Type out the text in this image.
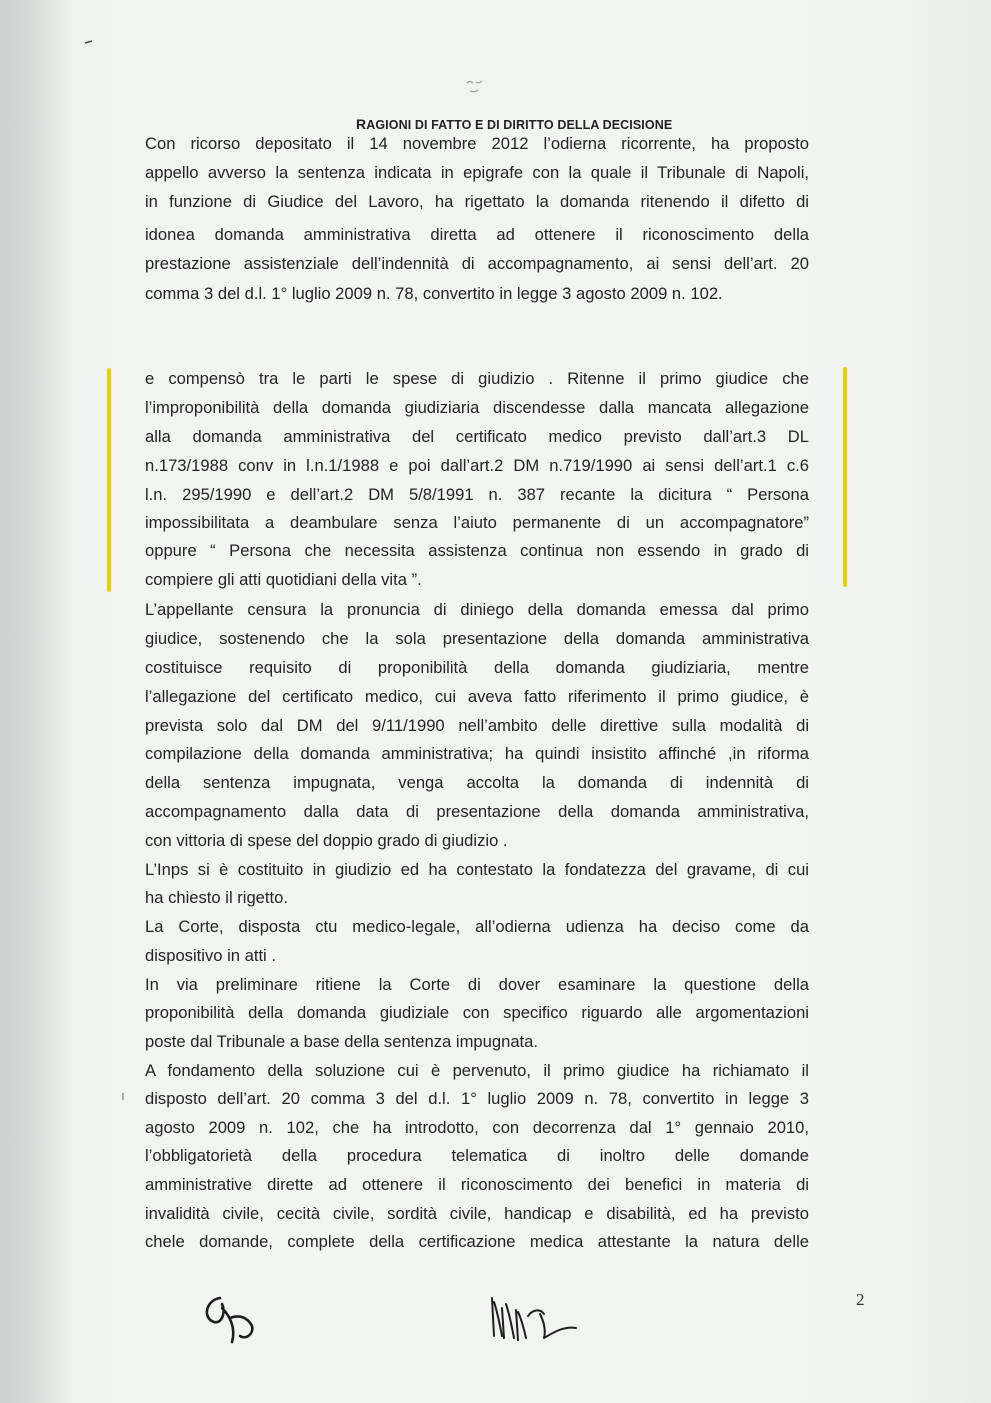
RAGIONI DI FATTO E DI DIRITTO DELLA DECISIONE
Con ricorso depositato il 14 novembre 2012 l’odierna ricorrente, ha proposto
appello avverso la sentenza indicata in epigrafe con la quale il Tribunale di Napoli,
in funzione di Giudice del Lavoro, ha rigettato la domanda ritenendo il difetto di
idonea domanda amministrativa diretta ad ottenere il riconoscimento della
prestazione assistenziale dell’indennità di accompagnamento, ai sensi dell’art. 20
comma 3 del d.l. 1° luglio 2009 n. 78, convertito in legge 3 agosto 2009 n. 102.
e compensò tra le parti le spese di giudizio . Ritenne il primo giudice che
l’improponibilità della domanda giudiziaria discendesse dalla mancata allegazione
alla domanda amministrativa del certificato medico previsto dall’art.3 DL
n.173/1988 conv in l.n.1/1988 e poi dall’art.2 DM n.719/1990 ai sensi dell’art.1 c.6
l.n. 295/1990 e dell’art.2 DM 5/8/1991 n. 387 recante la dicitura “ Persona
impossibilitata a deambulare senza l’aiuto permanente di un accompagnatore”
oppure “ Persona che necessita assistenza continua non essendo in grado di
compiere gli atti quotidiani della vita ”.
L’appellante censura la pronuncia di diniego della domanda emessa dal primo
giudice, sostenendo che la sola presentazione della domanda amministrativa
costituisce requisito di proponibilità della domanda giudiziaria, mentre
l’allegazione del certificato medico, cui aveva fatto riferimento il primo giudice, è
prevista solo dal DM del 9/11/1990 nell’ambito delle direttive sulla modalità di
compilazione della domanda amministrativa; ha quindi insistito affinché ,in riforma
della sentenza impugnata, venga accolta la domanda di indennità di
accompagnamento dalla data di presentazione della domanda amministrativa,
con vittoria di spese del doppio grado di giudizio .
L’Inps si è costituito in giudizio ed ha contestato la fondatezza del gravame, di cui
ha chiesto il rigetto.
La Corte, disposta ctu medico-legale, all’odierna udienza ha deciso come da
dispositivo in atti .
In via preliminare ritiene la Corte di dover esaminare la questione della
proponibilità della domanda giudiziale con specifico riguardo alle argomentazioni
poste dal Tribunale a base della sentenza impugnata.
A fondamento della soluzione cui è pervenuto, il primo giudice ha richiamato il
disposto dell’art. 20 comma 3 del d.l. 1° luglio 2009 n. 78, convertito in legge 3
agosto 2009 n. 102, che ha introdotto, con decorrenza dal 1° gennaio 2010,
l’obbligatorietà della procedura telematica di inoltro delle domande
amministrative dirette ad ottenere il riconoscimento dei benefici in materia di
invalidità civile, cecità civile, sordità civile, handicap e disabilità, ed ha previsto
chele domande, complete della certificazione medica attestante la natura delle
2
